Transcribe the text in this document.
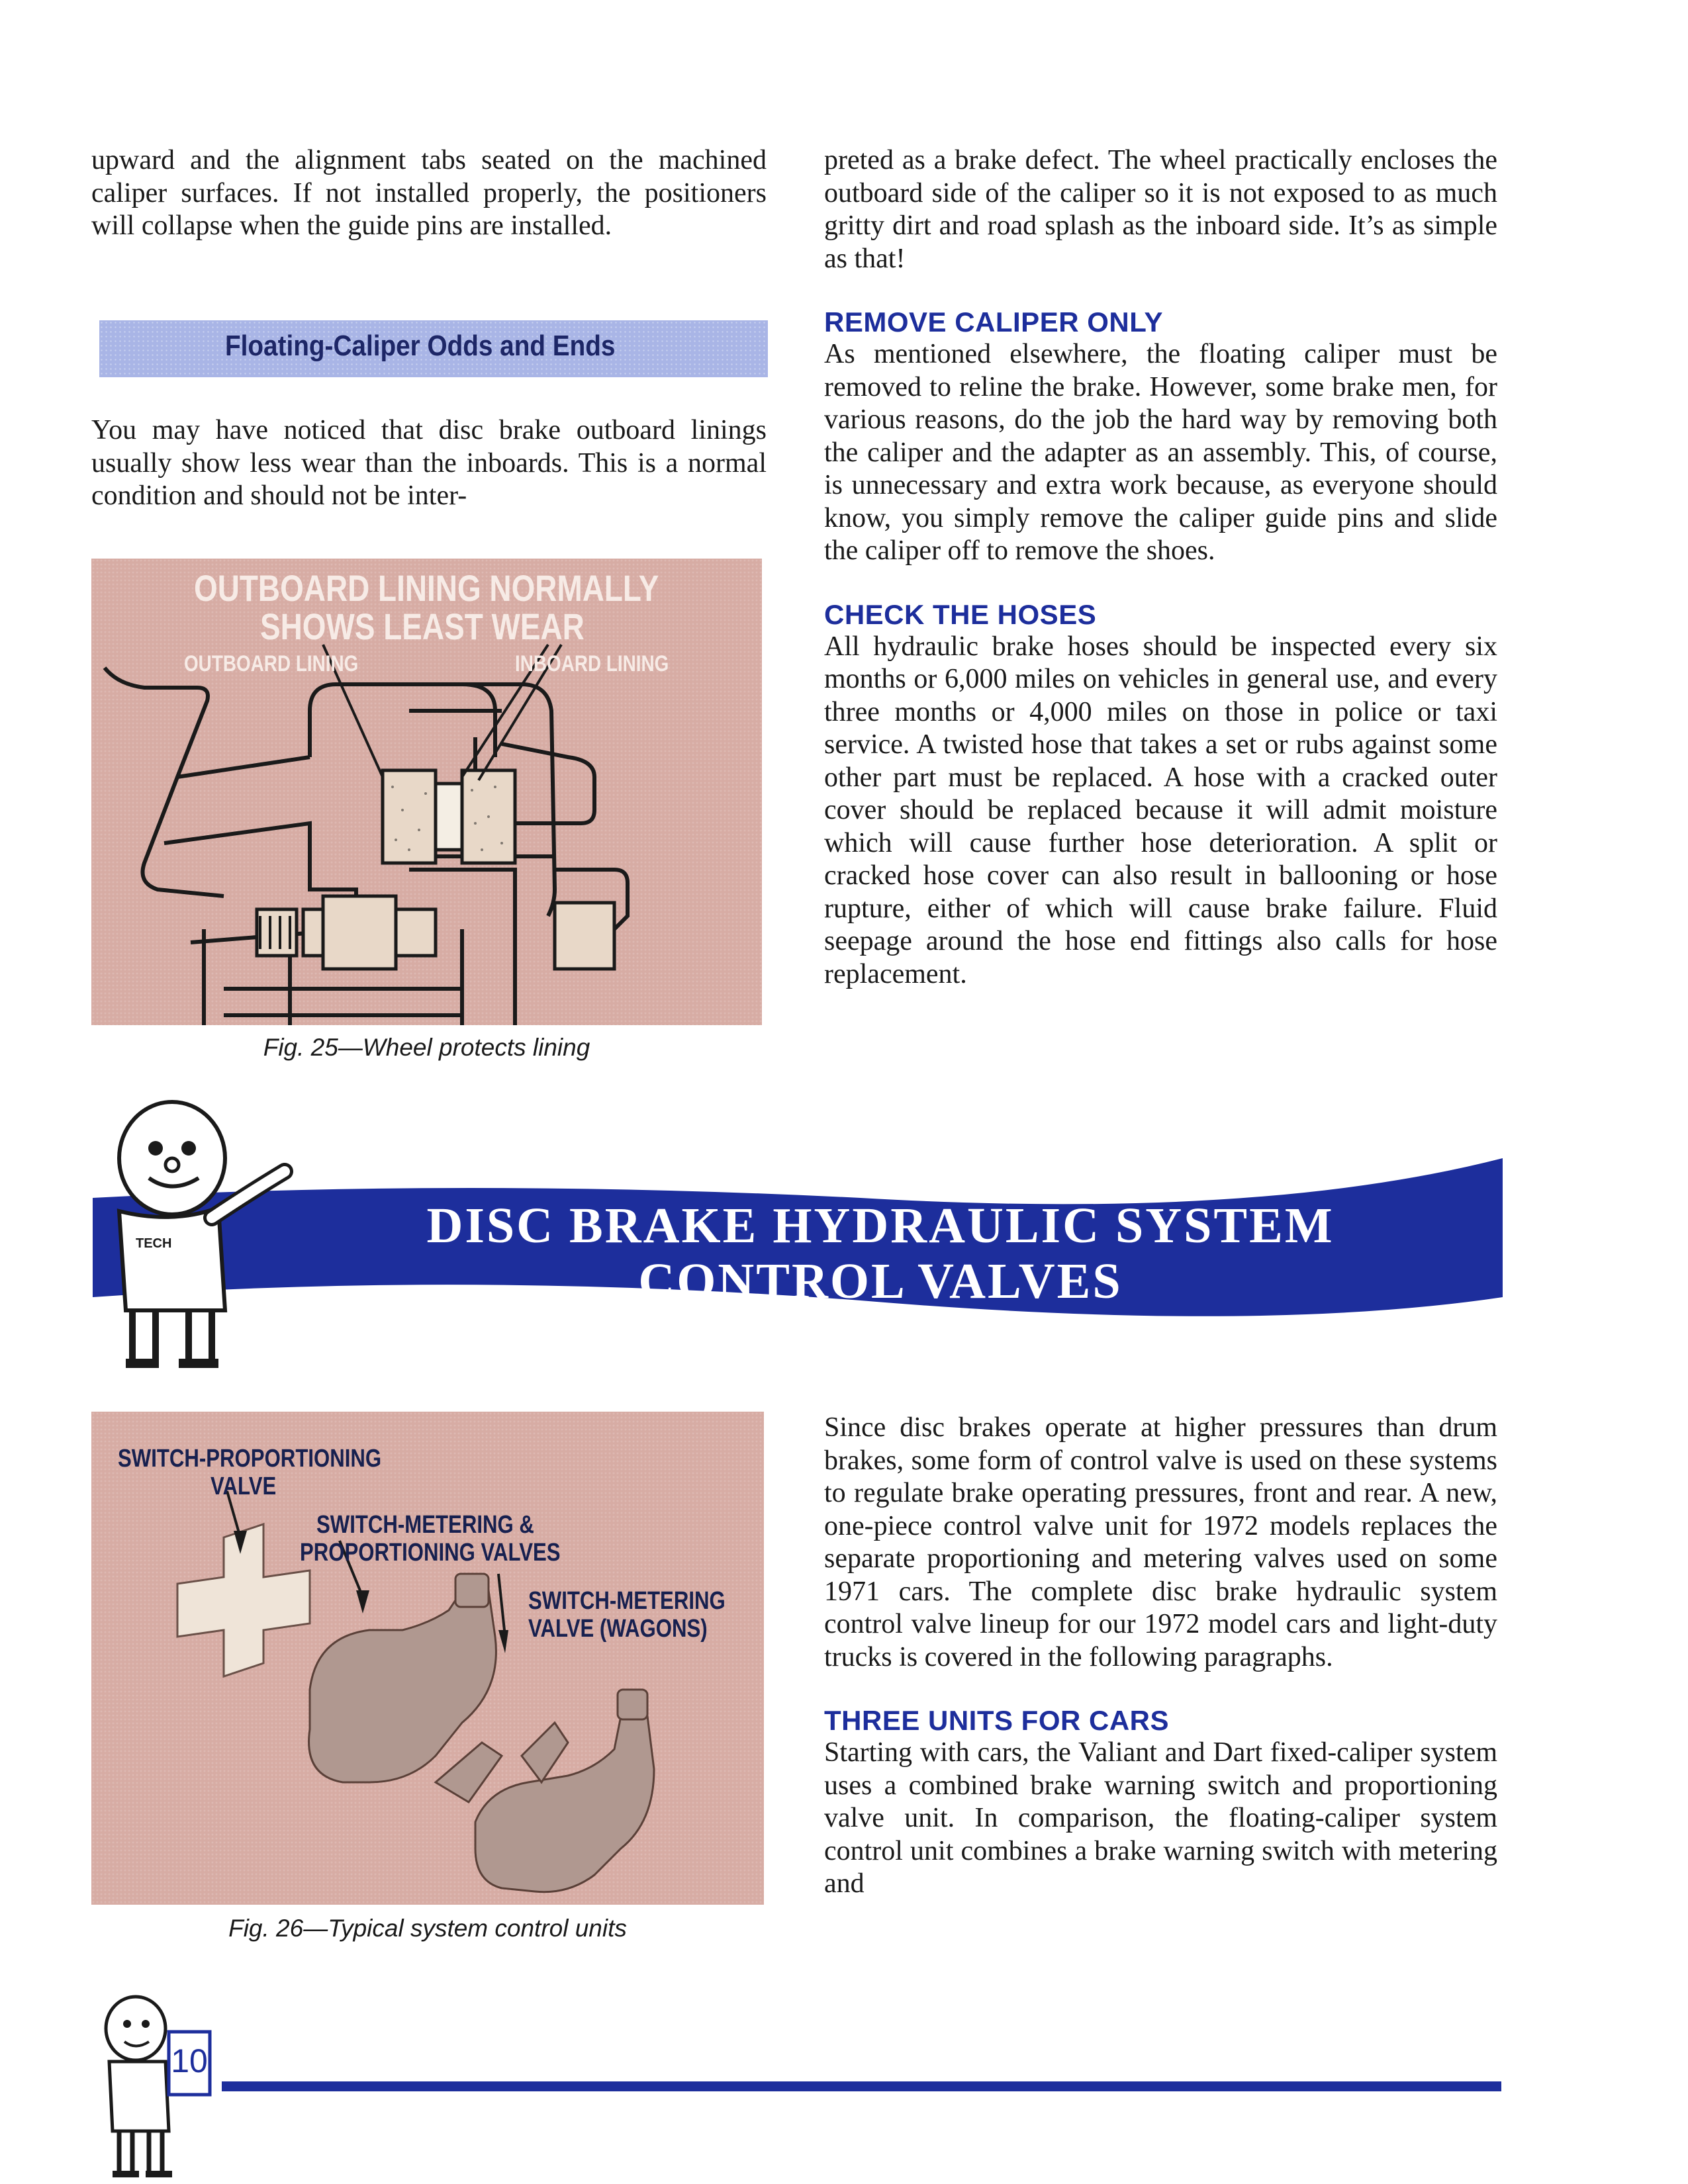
upward and the alignment tabs seated on the machined caliper surfaces. If not installed properly, the positioners will collapse when the guide pins are installed.

Floating-Caliper Odds and Ends

You may have noticed that disc brake outboard linings usually show less wear than the inboards. This is a normal condition and should not be inter-

OUTBOARD LINING NORMALLY
SHOWS LEAST WEAR
OUTBOARD LINING	INBOARD LINING
Fig. 25—Wheel protects lining

preted as a brake defect. The wheel practically encloses the outboard side of the caliper so it is not exposed to as much gritty dirt and road splash as the inboard side. It’s as simple as that!

REMOVE CALIPER ONLY

As mentioned elsewhere, the floating caliper must be removed to reline the brake. However, some brake men, for various reasons, do the job the hard way by removing both the caliper and the adapter as an assembly. This, of course, is unnecessary and extra work because, as everyone should know, you simply remove the caliper guide pins and slide the caliper off to remove the shoes.

CHECK THE HOSES

All hydraulic brake hoses should be inspected every six months or 6,000 miles on vehicles in general use, and every three months or 4,000 miles on those in police or taxi service. A twisted hose that takes a set or rubs against some other part must be replaced. A hose with a cracked outer cover should be replaced because it will admit moisture which will cause further hose deterioration. A split or cracked hose cover can also result in ballooning or hose rupture, either of which will cause brake failure. Fluid seepage around the hose end fittings also calls for hose replacement.

TECH	DISC BRAKE HYDRAULIC SYSTEM
CONTROL VALVES
SWITCH-PROPORTIONING
VALVE
SWITCH-METERING &
PROPORTIONING VALVES
SWITCH-METERING
VALVE (WAGONS)
Fig. 26—Typical system control units

Since disc brakes operate at higher pressures than drum brakes, some form of control valve is used on these systems to regulate brake operating pressures, front and rear. A new, one-piece control valve unit for 1972 models replaces the separate proportioning and metering valves used on some 1971 cars. The complete disc brake hydraulic system control valve lineup for our 1972 model cars and light-duty trucks is covered in the following paragraphs.

THREE UNITS FOR CARS

Starting with cars, the Valiant and Dart fixed-caliper system uses a combined brake warning switch and proportioning valve unit. In comparison, the floating-caliper system control unit combines a brake warning switch with metering and

10
